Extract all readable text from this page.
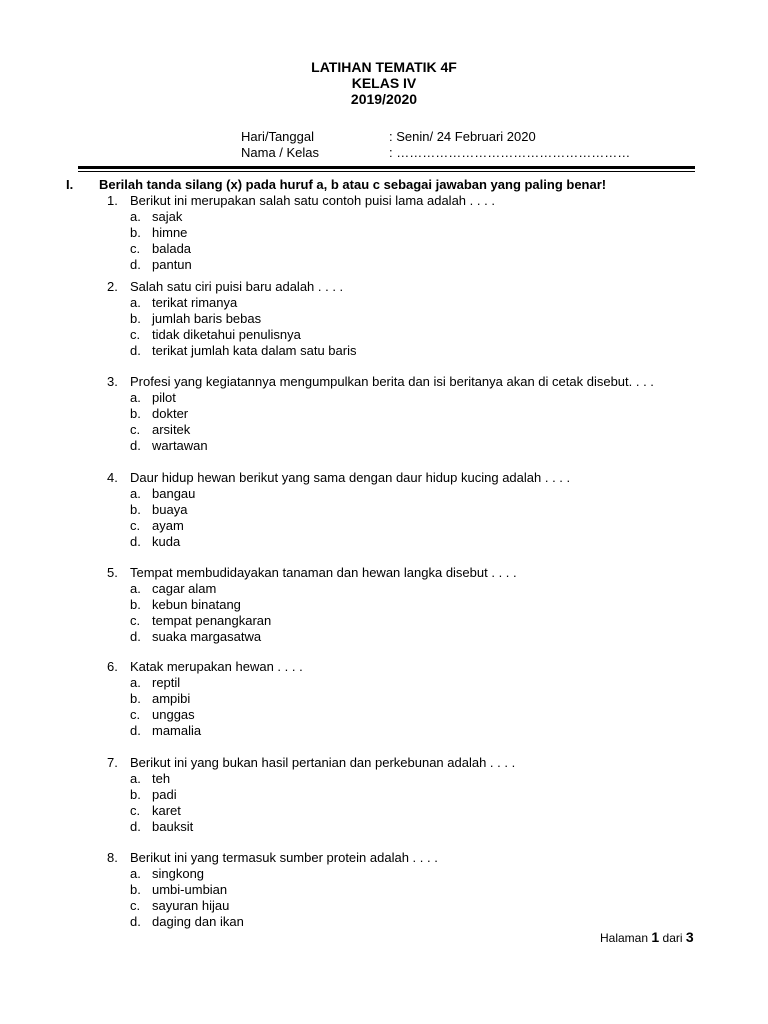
LATIHAN TEMATIK 4F
KELAS IV
2019/2020
Hari/Tanggal	: Senin/ 24 Februari 2020
Nama / Kelas	: ………………………………………………
I.	Berilah tanda silang (x) pada huruf a, b atau c sebagai jawaban yang paling benar!
1. Berikut ini merupakan salah satu contoh puisi lama adalah . . . .
a. sajak
b. himne
c. balada
d. pantun
2. Salah satu ciri puisi baru adalah . . . .
a. terikat rimanya
b. jumlah baris bebas
c. tidak diketahui penulisnya
d. terikat jumlah kata dalam satu baris
3. Profesi yang kegiatannya mengumpulkan berita dan isi beritanya akan di cetak disebut. . . .
a. pilot
b. dokter
c. arsitek
d. wartawan
4. Daur hidup hewan berikut yang sama dengan daur hidup kucing adalah . . . .
a. bangau
b. buaya
c. ayam
d. kuda
5. Tempat membudidayakan tanaman dan hewan langka disebut . . . .
a. cagar alam
b. kebun binatang
c. tempat penangkaran
d. suaka margasatwa
6. Katak merupakan hewan . . . .
a. reptil
b. ampibi
c. unggas
d. mamalia
7. Berikut ini yang bukan hasil pertanian dan perkebunan adalah . . . .
a. teh
b. padi
c. karet
d. bauksit
8. Berikut ini yang termasuk sumber protein adalah . . . .
a. singkong
b. umbi-umbian
c. sayuran hijau
d. daging dan ikan
Halaman 1 dari 3
